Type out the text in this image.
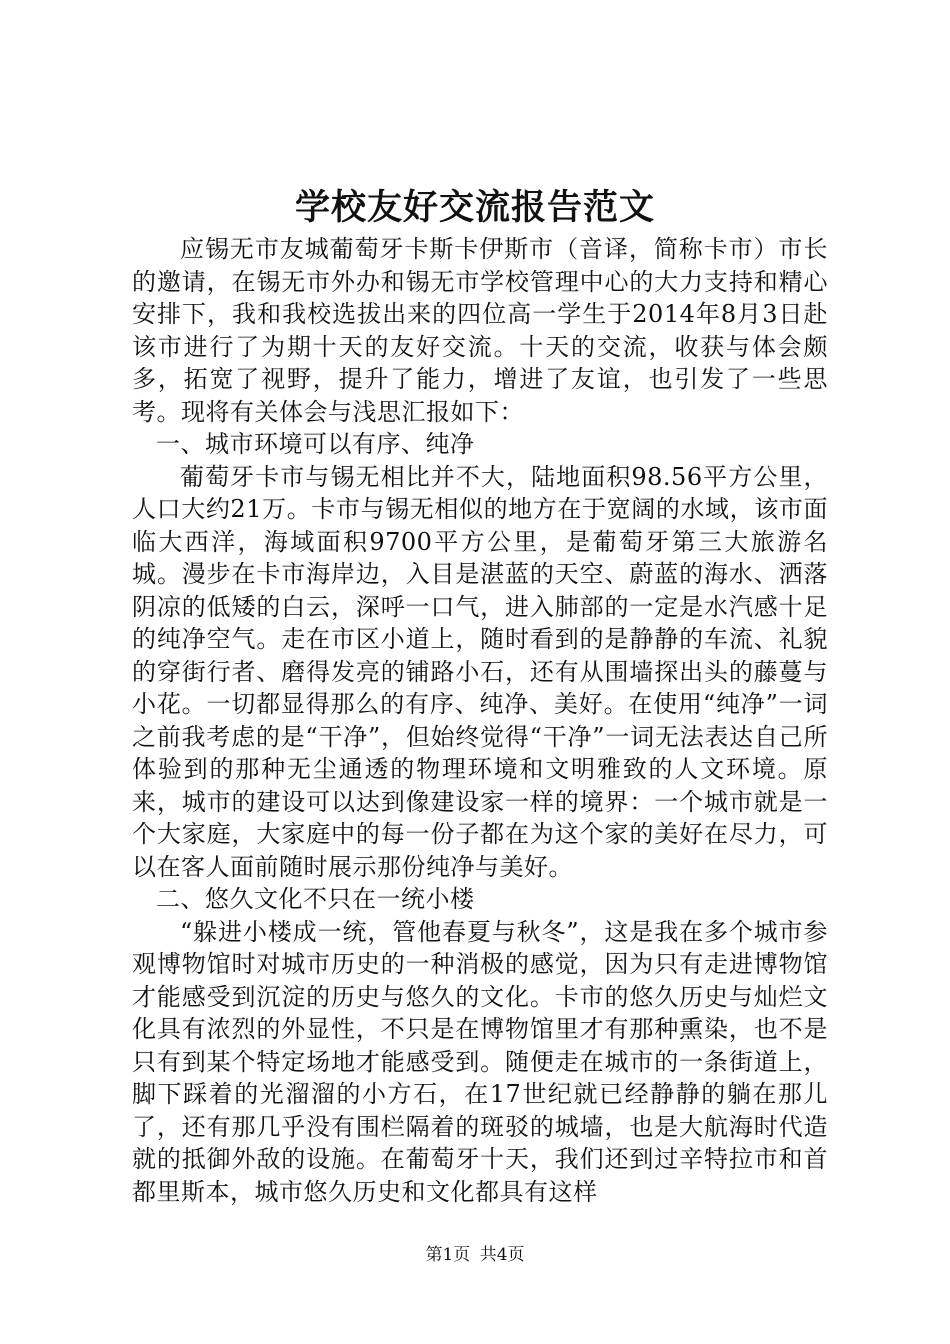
学校友好交流报告范文

应锡无市友城葡萄牙卡斯卡伊斯市（音译，简称卡市）市长的邀请，在锡无市外办和锡无市学校管理中心的大力支持和精心安排下，我和我校选拔出来的四位高一学生于2014年8月3日赴该市进行了为期十天的友好交流。十天的交流，收获与体会颇多，拓宽了视野，提升了能力，增进了友谊，也引发了一些思考。现将有关体会与浅思汇报如下：

一、城市环境可以有序、纯净

葡萄牙卡市与锡无相比并不大，陆地面积98.56平方公里，人口大约21万。卡市与锡无相似的地方在于宽阔的水域，该市面临大西洋，海域面积9700平方公里，是葡萄牙第三大旅游名城。漫步在卡市海岸边，入目是湛蓝的天空、蔚蓝的海水、洒落阴凉的低矮的白云，深呼一口气，进入肺部的一定是水汽感十足的纯净空气。走在市区小道上，随时看到的是静静的车流、礼貌的穿街行者、磨得发亮的铺路小石，还有从围墙探出头的藤蔓与小花。一切都显得那么的有序、纯净、美好。在使用“纯净”一词之前我考虑的是“干净”，但始终觉得“干净”一词无法表达自己所体验到的那种无尘通透的物理环境和文明雅致的人文环境。原来，城市的建设可以达到像建设家一样的境界：一个城市就是一个大家庭，大家庭中的每一份子都在为这个家的美好在尽力，可以在客人面前随时展示那份纯净与美好。

二、悠久文化不只在一统小楼

“躲进小楼成一统，管他春夏与秋冬”，这是我在多个城市参观博物馆时对城市历史的一种消极的感觉，因为只有走进博物馆才能感受到沉淀的历史与悠久的文化。卡市的悠久历史与灿烂文化具有浓烈的外显性，不只是在博物馆里才有那种熏染，也不是只有到某个特定场地才能感受到。随便走在城市的一条街道上，脚下踩着的光溜溜的小方石，在17世纪就已经静静的躺在那儿了，还有那几乎没有围栏隔着的斑驳的城墙，也是大航海时代造就的抵御外敌的设施。在葡萄牙十天，我们还到过辛特拉市和首都里斯本，城市悠久历史和文化都具有这样

第1页 共4页
